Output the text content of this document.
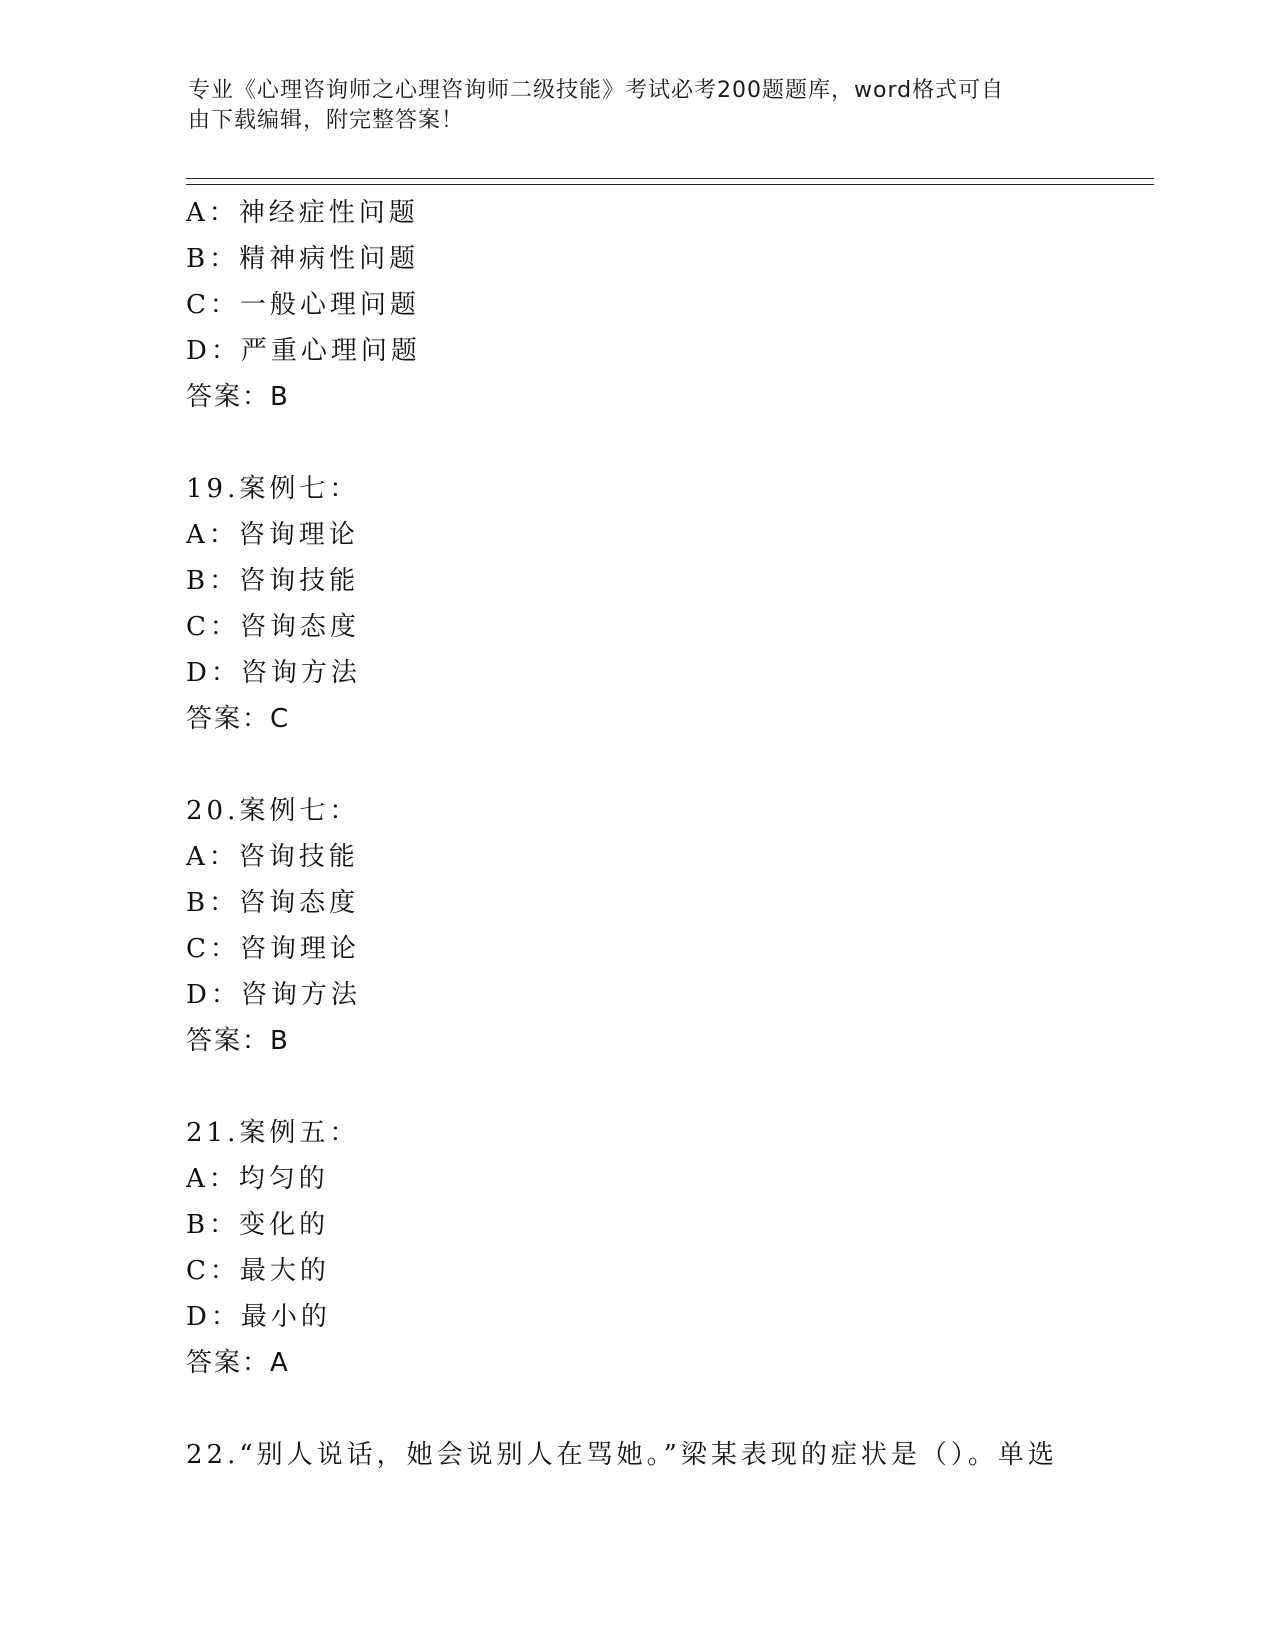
专业《心理咨询师之心理咨询师二级技能》考试必考200题题库，word格式可自
由下载编辑，附完整答案！
A：神经症性问题
B：精神病性问题
C：一般心理问题
D：严重心理问题
答案：B
19.案例七：
A：咨询理论
B：咨询技能
C：咨询态度
D：咨询方法
答案：C
20.案例七：
A：咨询技能
B：咨询态度
C：咨询理论
D：咨询方法
答案：B
21.案例五：
A：均匀的
B：变化的
C：最大的
D：最小的
答案：A
22.“别人说话，她会说别人在骂她。”梁某表现的症状是（）。单选
